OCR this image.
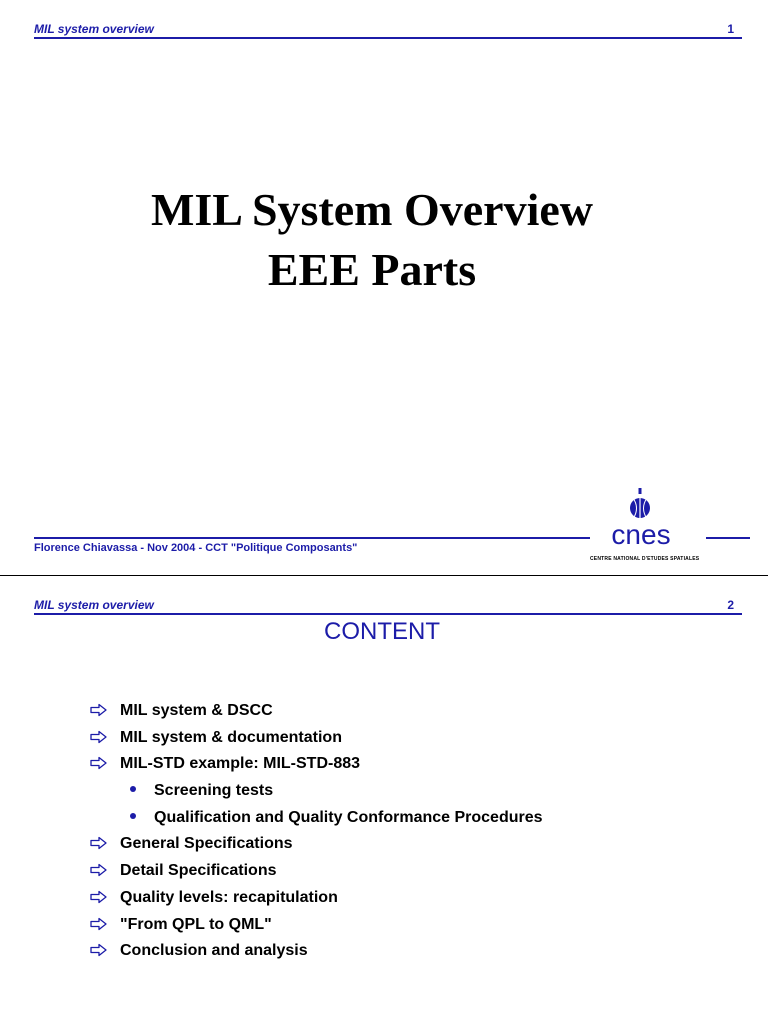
MIL system overview	1
MIL System Overview
EEE Parts
Florence Chiavassa - Nov 2004 - CCT "Politique Composants"	cnes
CENTRE NATIONAL D'ETUDES SPATIALES
MIL system overview	2
CONTENT
MIL system & DSCC
MIL system & documentation
MIL-STD example: MIL-STD-883
Screening tests
Qualification and Quality Conformance Procedures
General Specifications
Detail Specifications
Quality levels: recapitulation
"From QPL to QML"
Conclusion and analysis
